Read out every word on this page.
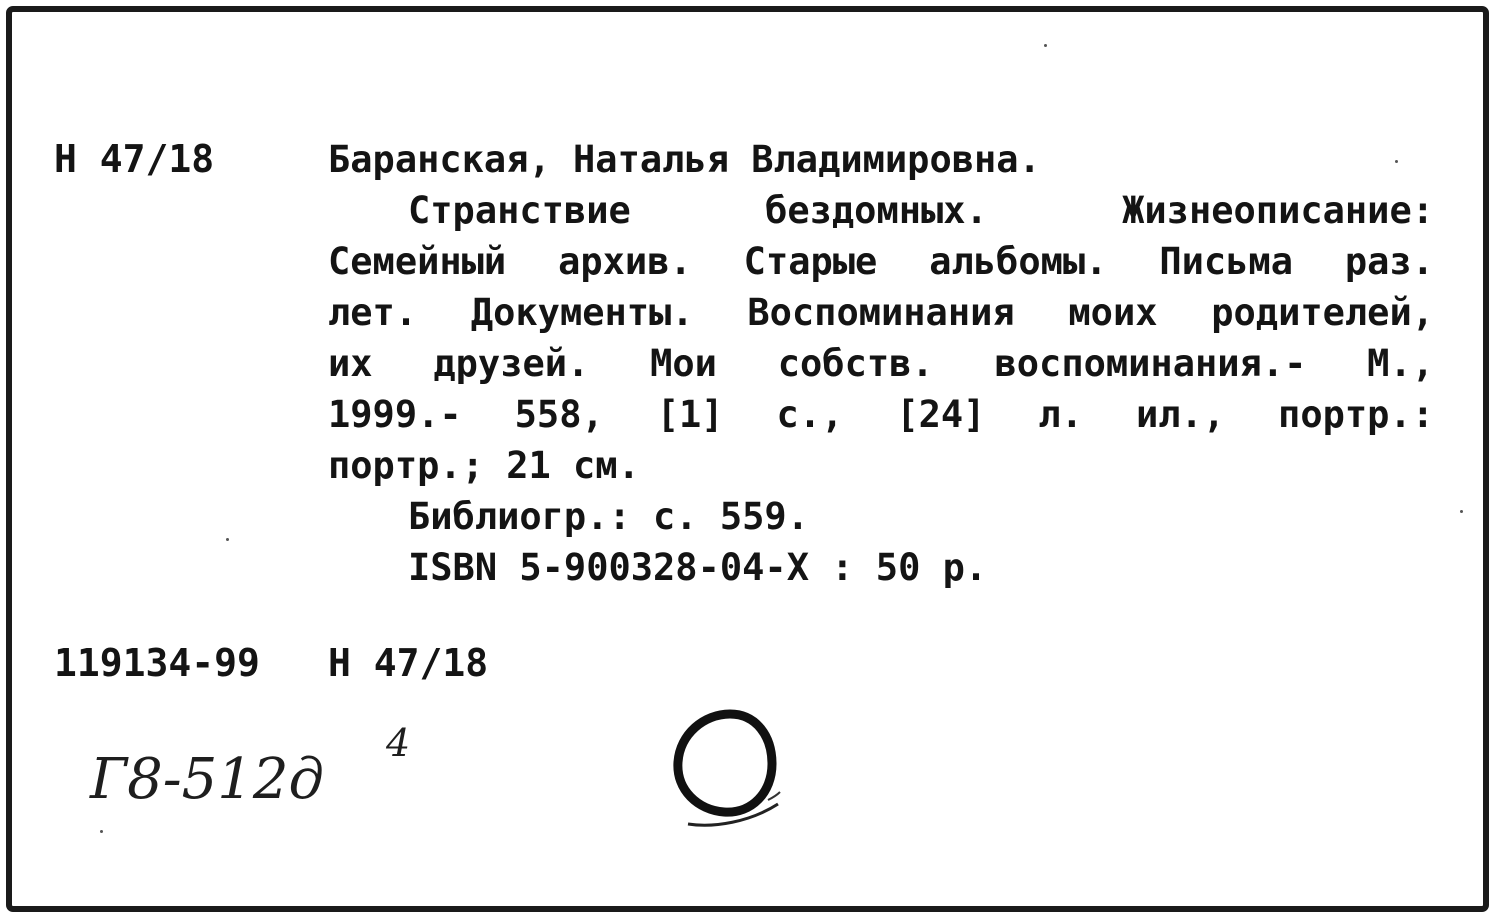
Н 47/18	Баранская, Наталья Владимировна.
Странствие бездомных. Жизнеописание:
Семейный архив. Старые альбомы. Письма раз.
лет. Документы. Воспоминания моих родителей,
их друзей. Мои собств. воспоминания.- М.,
1999.- 558, [1] с., [24] л. ил., портр.:
портр.; 21 см.
Библиогр.: с. 559.
ISBN 5-900328-04-X : 50 р.
119134-99 Н 47/18
Г8-512д
4
